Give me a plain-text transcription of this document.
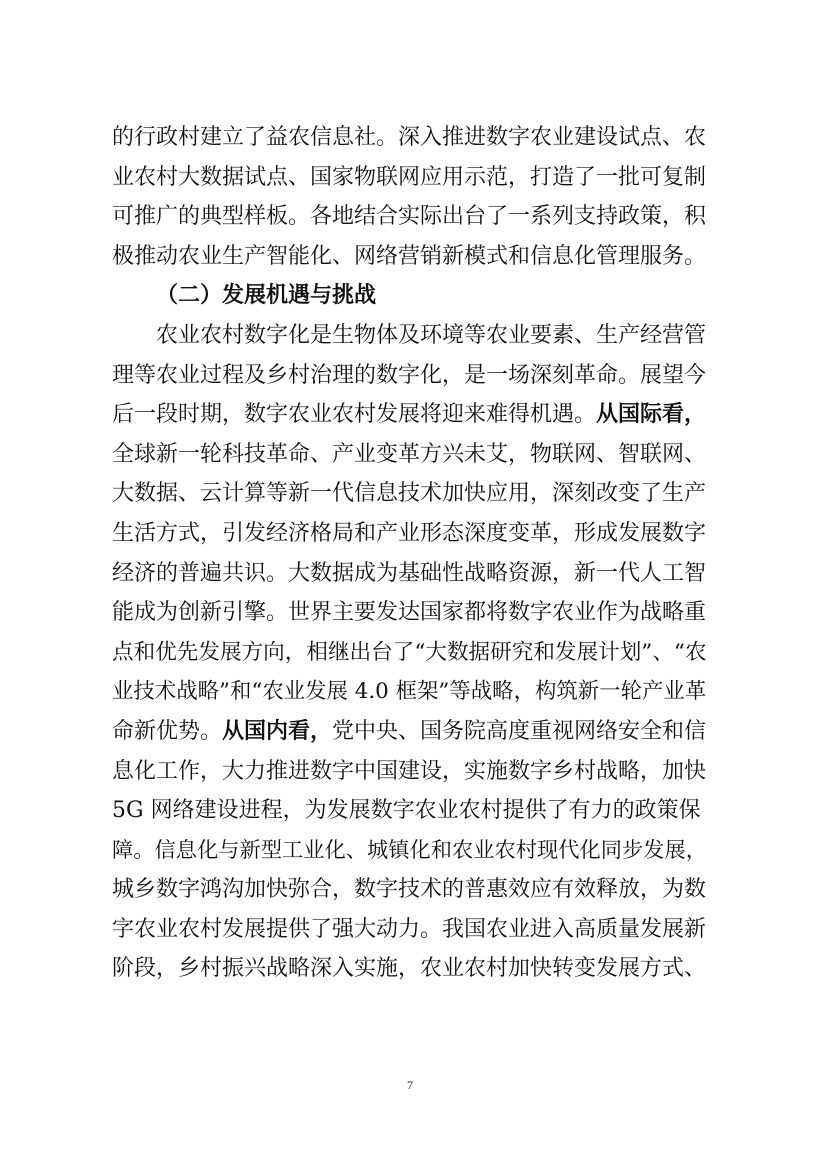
的行政村建立了益农信息社。深入推进数字农业建设试点、农
业农村大数据试点、国家物联网应用示范，打造了一批可复制
可推广的典型样板。各地结合实际出台了一系列支持政策，积
极推动农业生产智能化、网络营销新模式和信息化管理服务。
（二）发展机遇与挑战
农业农村数字化是生物体及环境等农业要素、生产经营管
理等农业过程及乡村治理的数字化，是一场深刻革命。展望今
后一段时期，数字农业农村发展将迎来难得机遇。 从国际看，
全球新一轮科技革命、产业变革方兴未艾，物联网、智联网、
大数据、云计算等新一代信息技术加快应用，深刻改变了生产
生活方式，引发经济格局和产业形态深度变革，形成发展数字
经济的普遍共识。大数据成为基础性战略资源，新一代人工智
能成为创新引擎。世界主要发达国家都将数字农业作为战略重
点和优先发展方向，相继出台了“大数据研究和发展计划”、“农
业技术战略”和“农业发展 4.0 框架”等战略，构筑新一轮产业革
命新优势。 从国内看， 党中央、国务院高度重视网络安全和信
息化工作，大力推进数字中国建设，实施数字乡村战略，加快
5G 网络建设进程，为发展数字农业农村提供了有力的政策保
障。信息化与新型工业化、城镇化和农业农村现代化同步发展，
城乡数字鸿沟加快弥合，数字技术的普惠效应有效释放，为数
字农业农村发展提供了强大动力。我国农业进入高质量发展新
阶段，乡村振兴战略深入实施，农业农村加快转变发展方式、
7
